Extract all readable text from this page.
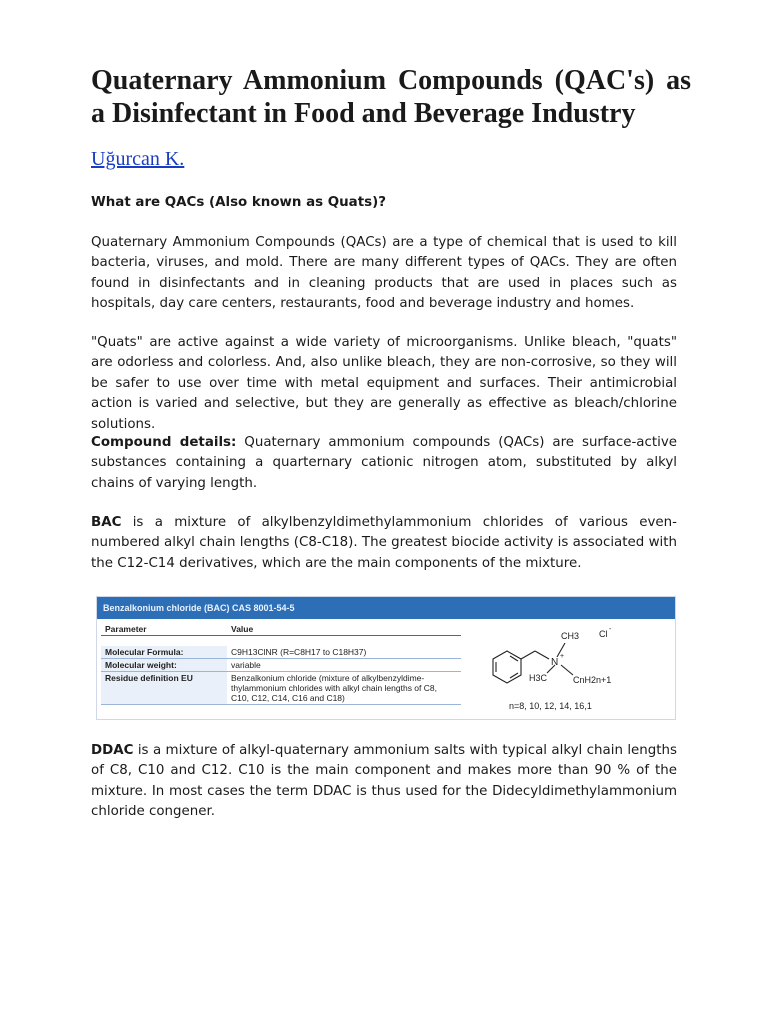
Quaternary Ammonium Compounds (QAC's) as a Disinfectant in Food and Beverage Industry
Uğurcan K.

What are QACs (Also known as Quats)?

Quaternary Ammonium Compounds (QACs) are a type of chemical that is used to kill bacteria, viruses, and mold. There are many different types of QACs. They are often found in disinfectants and in cleaning products that are used in places such as hospitals, day care centers, restaurants, food and beverage industry and homes.

"Quats" are active against a wide variety of microorganisms. Unlike bleach, "quats" are odorless and colorless. And, also unlike bleach, they are non-corrosive, so they will be safer to use over time with metal equipment and surfaces. Their antimicrobial action is varied and selective, but they are generally as effective as bleach/chlorine solutions.

Compound details: Quaternary ammonium compounds (QACs) are surface-active substances containing a quarternary cationic nitrogen atom, substituted by alkyl chains of varying length.

BAC is a mixture of alkylbenzyldimethylammonium chlorides of various even-numbered alkyl chain lengths (C8-C18). The greatest biocide activity is associated with the C12-C14 derivatives, which are the main components of the mixture.

Benzalkonium chloride (BAC) CAS 8001-54-5
Parameter	Value

Molecular Formula:	C9H13ClNR (R=C8H17 to C18H37)
Molecular weight:	variable
Residue definition EU	Benzalkonium chloride (mixture of alkylbenzyldime-thylammonium chlorides with alkyl chain lengths of C8, C10, C12, C14, C16 and C18)
N
+
CH3 Cl -
H3C	CnH2n+1
n=8, 10, 12, 14, 16,1

DDAC is a mixture of alkyl-quaternary ammonium salts with typical alkyl chain lengths of C8, C10 and C12. C10 is the main component and makes more than 90 % of the mixture. In most cases the term DDAC is thus used for the Didecyldimethylammonium chloride congener.
